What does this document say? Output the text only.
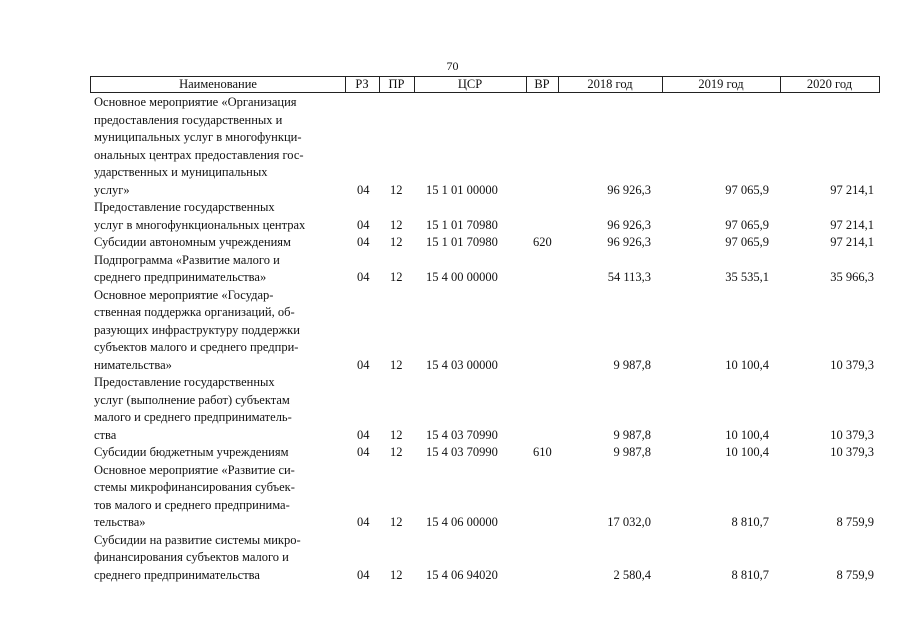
70
Наименование	РЗ	ПР	ЦСР	ВР	2018 год	2019 год	2020 год
Основное мероприятие «Организация
предоставления государственных и
муниципальных услуг в многофункци-
ональных центрах предоставления гос-
ударственных и муниципальных
услуг»	04 12 15 1 01 00000	96 926,3	97 065,9	97 214,1
Предоставление государственных
услуг в многофункциональных центрах	04 12 15 1 01 70980	96 926,3	97 065,9	97 214,1
Субсидии автономным учреждениям	04 12 15 1 01 70980	620	96 926,3	97 065,9	97 214,1
Подпрограмма «Развитие малого и
среднего предпринимательства»	04 12 15 4 00 00000	54 113,3	35 535,1	35 966,3
Основное мероприятие «Государ-
ственная поддержка организаций, об-
разующих инфраструктуру поддержки
субъектов малого и среднего предпри-
нимательства»	04 12 15 4 03 00000	9 987,8	10 100,4	10 379,3
Предоставление государственных
услуг (выполнение работ) субъектам
малого и среднего предприниматель-
ства	04 12 15 4 03 70990	9 987,8	10 100,4	10 379,3
Субсидии бюджетным учреждениям	04 12 15 4 03 70990	610	9 987,8	10 100,4	10 379,3
Основное мероприятие «Развитие си-
стемы микрофинансирования субъек-
тов малого и среднего предпринима-
тельства»	04 12 15 4 06 00000	17 032,0	8 810,7	8 759,9
Субсидии на развитие системы микро-
финансирования субъектов малого и
среднего предпринимательства	04 12 15 4 06 94020	2 580,4	8 810,7	8 759,9
